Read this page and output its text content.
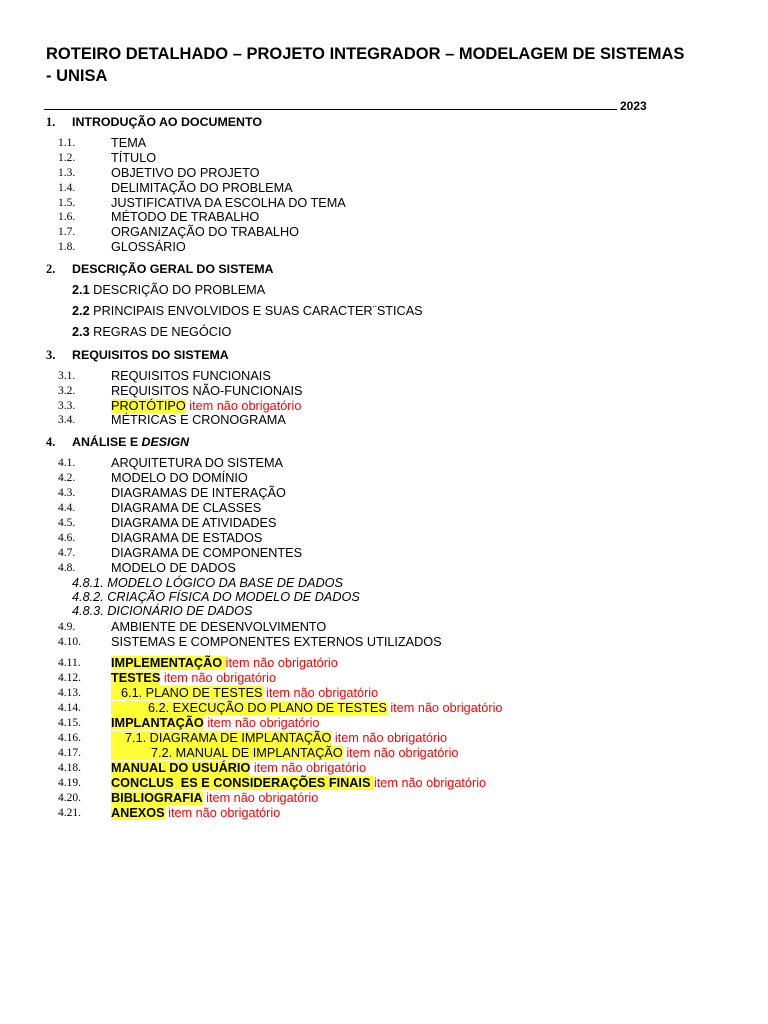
ROTEIRO DETALHADO – PROJETO INTEGRADOR – MODELAGEM DE SISTEMAS - UNISA
2023
1. INTRODUÇÃO AO DOCUMENTO
1.1.	TEMA
1.2.	TÍTULO
1.3.	OBJETIVO DO PROJETO
1.4.	DELIMITAÇÃO DO PROBLEMA
1.5.	JUSTIFICATIVA DA ESCOLHA DO TEMA
1.6.	MÉTODO DE TRABALHO
1.7.	ORGANIZAÇÃO DO TRABALHO
1.8.	GLOSSÁRIO
2. DESCRIÇÃO GERAL DO SISTEMA
2.1 DESCRIÇÃO DO PROBLEMA
2.2 PRINCIPAIS ENVOLVIDOS E SUAS CARACTER¨STICAS
2.3 REGRAS DE NEGÓCIO
3. REQUISITOS DO SISTEMA
3.1.	REQUISITOS FUNCIONAIS
3.2.	REQUISITOS NÃO-FUNCIONAIS
3.3.	PROTÓTIPO item não obrigatório
3.4.	MÉTRICAS E CRONOGRAMA
4. ANÁLISE E DESIGN
4.1.	ARQUITETURA DO SISTEMA
4.2.	MODELO DO DOMÍNIO
4.3.	DIAGRAMAS DE INTERAÇÃO
4.4.	DIAGRAMA DE CLASSES
4.5.	DIAGRAMA DE ATIVIDADES
4.6.	DIAGRAMA DE ESTADOS
4.7.	DIAGRAMA DE COMPONENTES
4.8.	MODELO DE DADOS
4.8.1. MODELO LÓGICO DA BASE DE DADOS
4.8.2. CRIAÇÃO FÍSICA DO MODELO DE DADOS
4.8.3. DICIONÁRIO DE DADOS
4.9.	AMBIENTE DE DESENVOLVIMENTO
4.10. SISTEMAS E COMPONENTES EXTERNOS UTILIZADOS
4.11. IMPLEMENTAÇÃO item não obrigatório
4.12. TESTES item não obrigatório
4.13.	6.1. PLANO DE TESTES item não obrigatório
4.14.	6.2. EXECUÇÃO DO PLANO DE TESTES item não obrigatório
4.15. IMPLANTAÇÃO item não obrigatório
4.16.	7.1. DIAGRAMA DE IMPLANTAÇÃO item não obrigatório
4.17.	7.2. MANUAL DE IMPLANTAÇÃO item não obrigatório
4.18. MANUAL DO USUÁRIO item não obrigatório
4.19. CONCLUS  ES E CONSIDERAÇÕES FINAIS item não obrigatório
4.20. BIBLIOGRAFIA item não obrigatório
4.21. ANEXOS item não obrigatório
